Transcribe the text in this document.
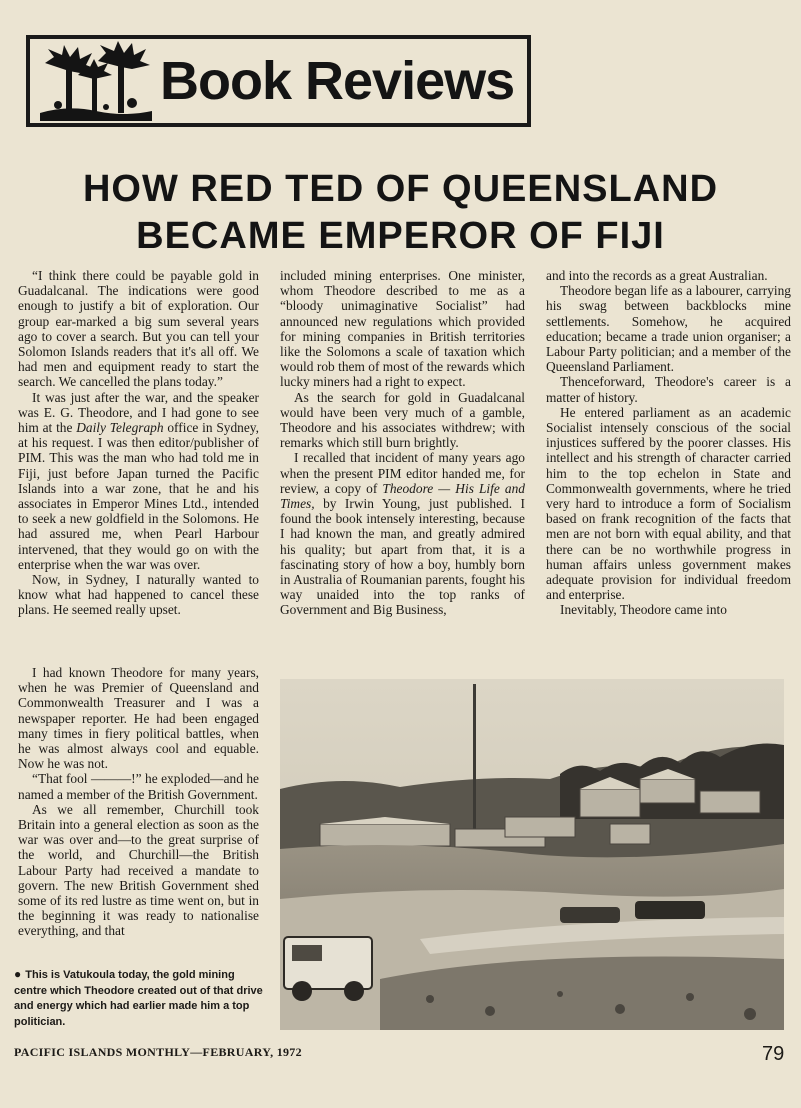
Book Reviews
HOW RED TED OF QUEENSLAND
BECAME EMPEROR OF FIJI

“I think there could be payable gold in Guadalcanal. The indications were good enough to justify a bit of exploration. Our group ear-marked a big sum several years ago to cover a search. But you can tell your Solomon Islands readers that it's all off. We had men and equipment ready to start the search. We cancelled the plans today.”

It was just after the war, and the speaker was E. G. Theodore, and I had gone to see him at the Daily Telegraph office in Sydney, at his request. I was then editor/publisher of PIM. This was the man who had told me in Fiji, just before Japan turned the Pacific Islands into a war zone, that he and his associates in Emperor Mines Ltd., intended to seek a new goldfield in the Solomons. He had assured me, when Pearl Harbour intervened, that they would go on with the enterprise when the war was over.

Now, in Sydney, I naturally wanted to know what had happened to cancel these plans. He seemed really upset.

I had known Theodore for many years, when he was Premier of Queensland and Commonwealth Treasurer and I was a newspaper reporter. He had been engaged many times in fiery political battles, when he was almost always cool and equable. Now he was not.

“That fool ———!” he exploded—and he named a member of the British Government.

As we all remember, Churchill took Britain into a general election as soon as the war was over and—to the great surprise of the world, and Churchill—the British Labour Party had received a mandate to govern. The new British Government shed some of its red lustre as time went on, but in the beginning it was ready to nationalise everything, and that

included mining enterprises. One minister, whom Theodore described to me as a “bloody unimaginative Socialist” had announced new regulations which provided for mining companies in British territories like the Solomons a scale of taxation which would rob them of most of the rewards which lucky miners had a right to expect.

As the search for gold in Guadalcanal would have been very much of a gamble, Theodore and his associates withdrew; with remarks which still burn brightly.

I recalled that incident of many years ago when the present PIM editor handed me, for review, a copy of Theodore — His Life and Times, by Irwin Young, just published. I found the book intensely interesting, because I had known the man, and greatly admired his quality; but apart from that, it is a fascinating story of how a boy, humbly born in Australia of Roumanian parents, fought his way unaided into the top ranks of Government and Big Business,

and into the records as a great Australian.

Theodore began life as a labourer, carrying his swag between backblocks mine settlements. Somehow, he acquired education; became a trade union organiser; a Labour Party politician; and a member of the Queensland Parliament.

Thenceforward, Theodore's career is a matter of history.

He entered parliament as an academic Socialist intensely conscious of the social injustices suffered by the poorer classes. His intellect and his strength of character carried him to the top echelon in State and Commonwealth governments, where he tried very hard to introduce a form of Socialism based on frank recognition of the facts that men are not born with equal ability, and that there can be no worthwhile progress in human affairs unless government makes adequate provision for individual freedom and enterprise.

Inevitably, Theodore came into

● This is Vatukoula today, the gold mining centre which Theodore created out of that drive and energy which had earlier made him a top politician.
PACIFIC ISLANDS MONTHLY—FEBRUARY, 1972	79
